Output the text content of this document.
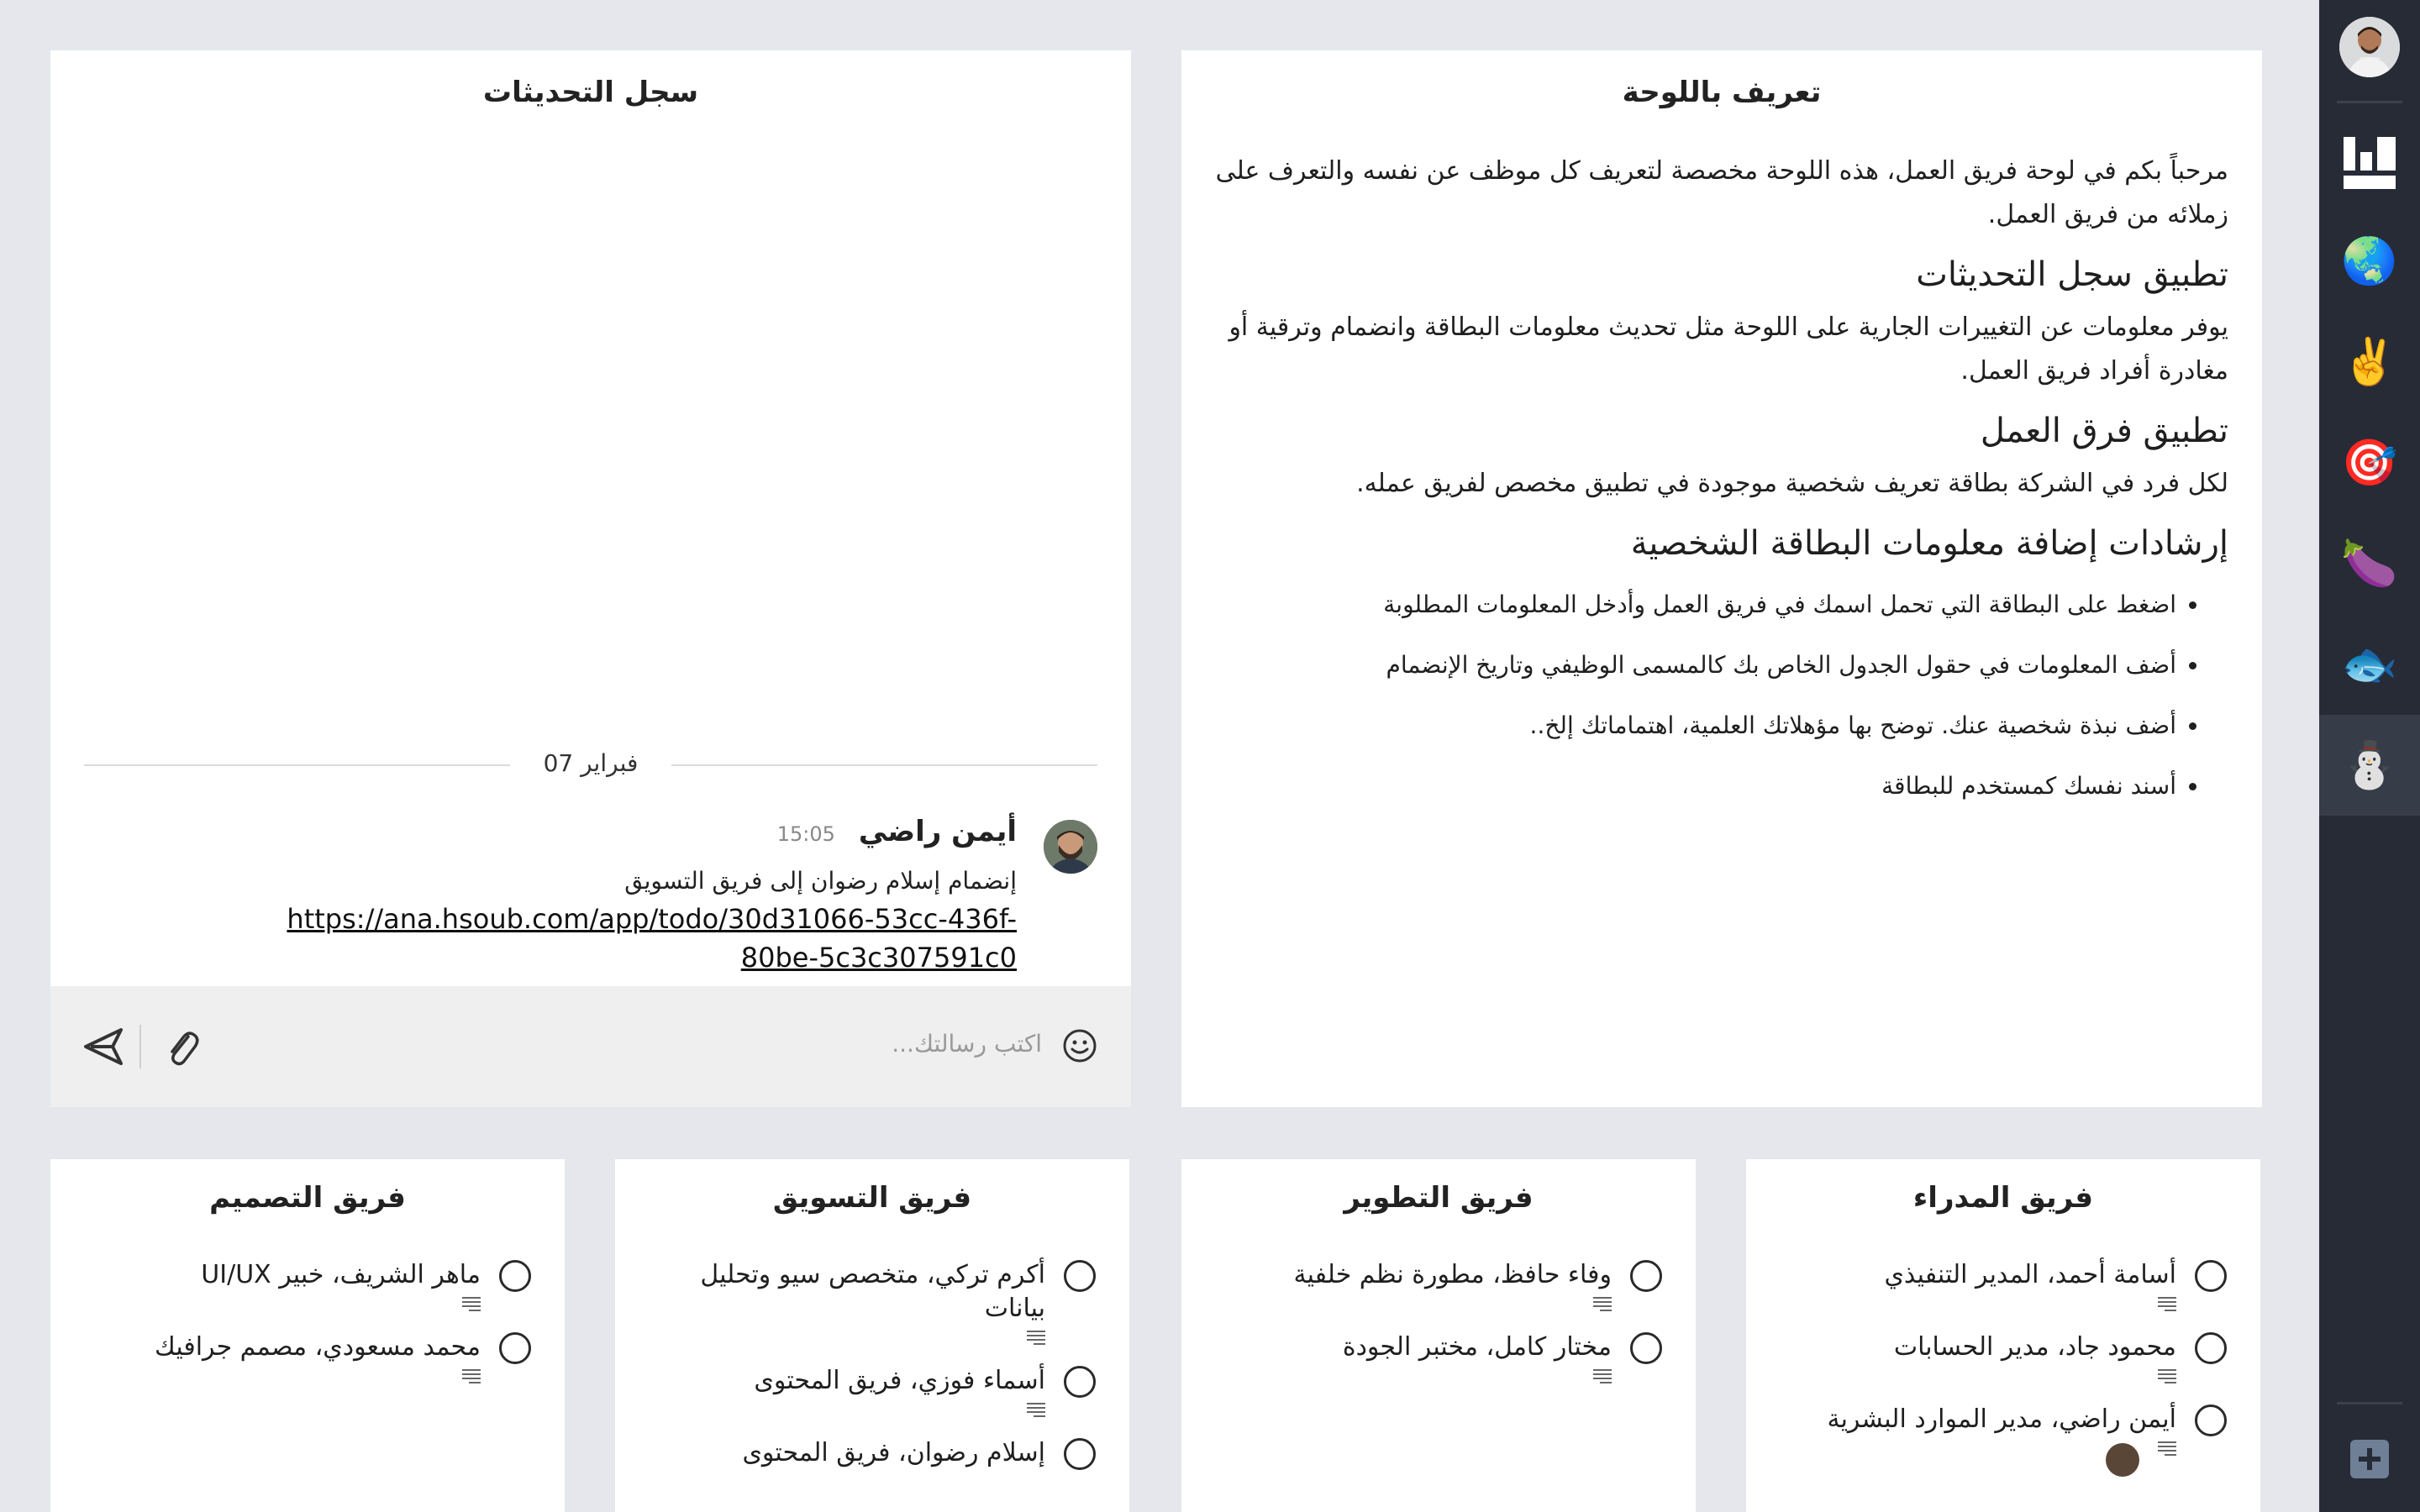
🌏
✌️
🎯
🍆
🐟
⛄
تعريف باللوحة

مرحباً بكم في لوحة فريق العمل، هذه اللوحة مخصصة لتعريف كل موظف عن نفسه والتعرف على زملائه من فريق العمل.

تطبيق سجل التحديثات

يوفر معلومات عن التغييرات الجارية على اللوحة مثل تحديث معلومات البطاقة وانضمام وترقية أو مغادرة أفراد فريق العمل.

تطبيق فرق العمل

لكل فرد في الشركة بطاقة تعريف شخصية موجودة في تطبيق مخصص لفريق عمله.

إرشادات إضافة معلومات البطاقة الشخصية
• اضغط على البطاقة التي تحمل اسمك في فريق العمل وأدخل المعلومات المطلوبة
• أضف المعلومات في حقول الجدول الخاص بك كالمسمى الوظيفي وتاريخ الإنضمام
• أضف نبذة شخصية عنك. توضح بها مؤهلاتك العلمية، اهتماماتك إلخ..
• أسند نفسك كمستخدم للبطاقة
سجل التحديثات
07 فبراير
أيمن راضي
15:05
إنضمام إسلام رضوان إلى فريق التسويق
https://ana.hsoub.com/app/todo/30d31066-53cc-436f-80be-5c3c307591c0
اكتب رسالتك...
فريق المدراء
أسامة أحمد، المدير التنفيذي
محمود جاد، مدير الحسابات
أيمن راضي، مدير الموارد البشرية
فريق التطوير
وفاء حافظ، مطورة نظم خلفية
مختار كامل، مختبر الجودة
فريق التسويق
أكرم تركي، متخصص سيو وتحليل بيانات
أسماء فوزي، فريق المحتوى
إسلام رضوان، فريق المحتوى
فريق التصميم
ماهر الشريف، خبير UI/UX
محمد مسعودي، مصمم جرافيك
